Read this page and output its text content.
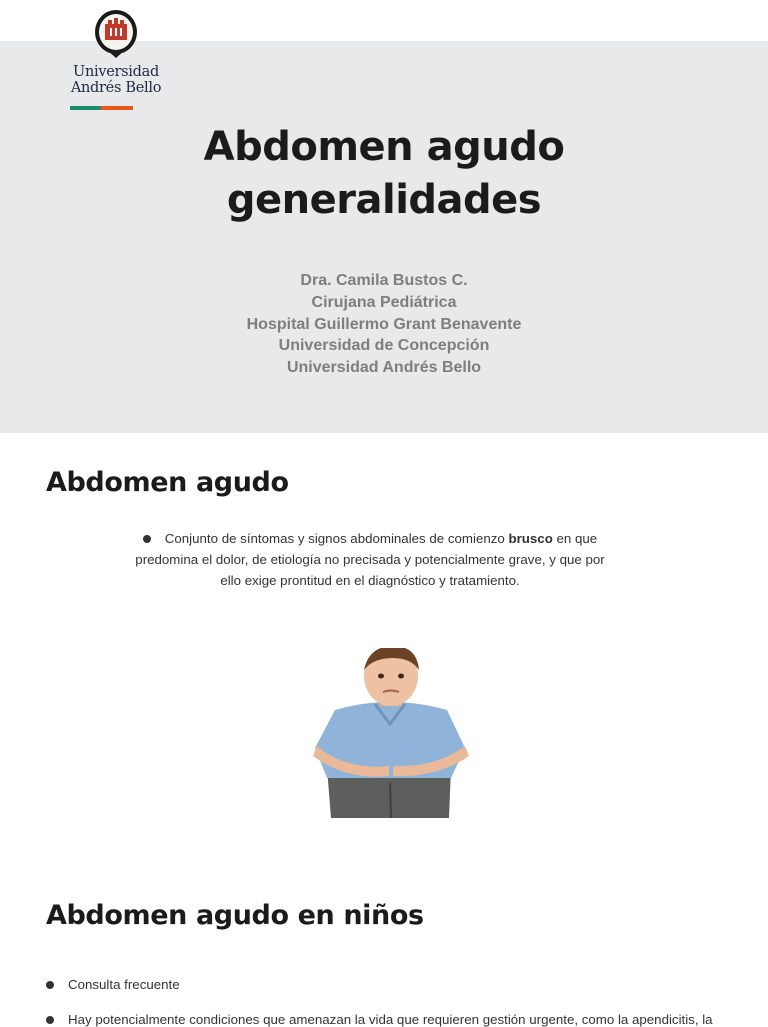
Universidad
Andrés Bello
Abdomen agudo
generalidades
Dra. Camila Bustos C.
Cirujana Pediátrica
Hospital Guillermo Grant Benavente
Universidad de Concepción
Universidad Andrés Bello
Abdomen agudo
Conjunto de síntomas y signos abdominales de comienzo brusco en que predomina el dolor, de etiología no precisada y potencialmente grave, y que por ello exige prontitud en el diagnóstico y tratamiento.
Abdomen agudo en niños
Consulta frecuente
Hay potencialmente condiciones que amenazan la vida que requieren gestión urgente, como la apendicitis, la
